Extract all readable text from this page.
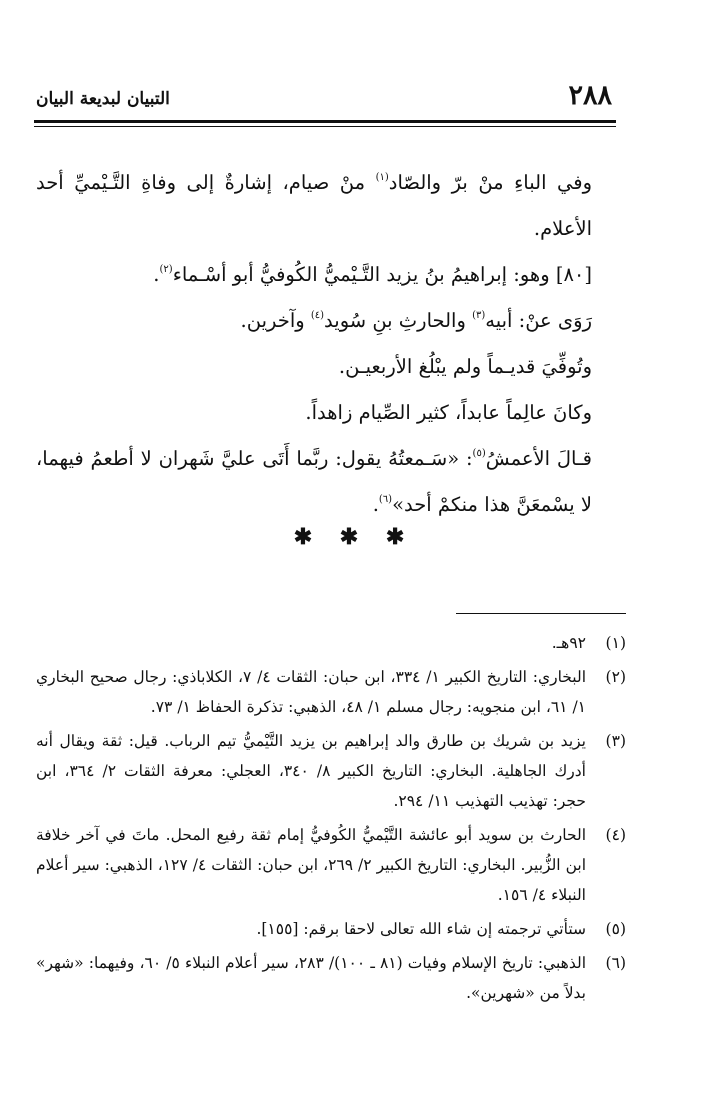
٢٨٨
التبيان لبديعة البيان

وفي الباءِ منْ برّ والصّاد$^{(١)}$ منْ صيام، إشارةٌ إلى وفاةِ التَّـيْميِّ أحد الأعلام.

[٨٠] وهو: إبراهيمُ بنُ يزيد التَّـيْميُّ الكُوفيُّ أبو أسْـماء$^{(٢)}$.

رَوَى عنْ: أبيه$^{(٣)}$ والحارثِ بنِ سُويد$^{(٤)}$ وآخرين.

وتُوفِّيَ قديـماً ولم يبْلُغ الأربعيـن.

وكانَ عالِماً عابداً، كثير الصِّيام زاهداً.

قـالَ الأعمشُ$^{(٥)}$: «سَـمعتُهُ يقول: ربَّما أَتَى عليَّ شَهران لا أطعمُ فيهما، لا يسْمعَنَّ هذا منكمْ أحد»$^{(٦)}$.

✱ ✱ ✱
(١)
٩٢هـ.
(٢)
البخاري: التاريخ الكبير ١/ ٣٣٤، ابن حبان: الثقات ٤/ ٧، الكلاباذي: رجال صحيح البخاري ١/ ٦١، ابن منجويه: رجال مسلم ١/ ٤٨، الذهبي: تذكرة الحفاظ ١/ ٧٣.
(٣)
يزيد بن شريك بن طارق والد إبراهيم بن يزيد التَّيْميُّ تيم الرباب. قيل: ثقة ويقال أنه أدرك الجاهلية. البخاري: التاريخ الكبير ٨/ ٣٤٠، العجلي: معرفة الثقات ٢/ ٣٦٤، ابن حجر: تهذيب التهذيب ١١/ ٢٩٤.
(٤)
الحارث بن سويد أبو عائشة التَّيْميُّ الكُوفيُّ إمام ثقة رفيع المحل. ماتَ في آخر خلافة ابن الزُّبير. البخاري: التاريخ الكبير ٢/ ٢٦٩، ابن حبان: الثقات ٤/ ١٢٧، الذهبي: سير أعلام النبلاء ٤/ ١٥٦.
(٥)
ستأتي ترجمته إن شاء الله تعالى لاحقا برقم: [١٥٥].
(٦)
الذهبي: تاريخ الإسلام وفيات (٨١ ـ ١٠٠)/ ٢٨٣، سير أعلام النبلاء ٥/ ٦٠، وفيهما: «شهر» بدلاً من «شهرين».
